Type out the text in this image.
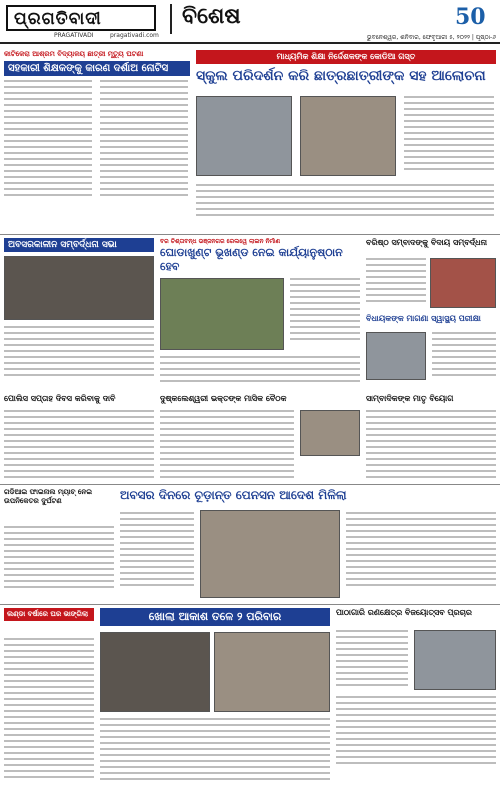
ପ୍ରଗତିବାଦୀ
PRAGATIVADI	pragativadi.com
ବିଶେଷ	50
ଭୁବନେଶ୍ୱର, ଶନିବାର, ଫେବୃଆରୀ ୫, ୨୦୨୨ | ପୃଷ୍ଠା-୬
କାଟିକେରା ଆଶ୍ରମ ବିଦ୍ୟାଳୟ ଛାତ୍ରୀ ମୃତ୍ୟୁ ଘଟଣା
ସହକାରୀ ଶିକ୍ଷକଙ୍କୁ କାରଣ ଦର୍ଶାଅ ନୋଟିସ
ମାଧ୍ୟମିକ ଶିକ୍ଷା ନିର୍ଦ୍ଦେଶକଙ୍କ କୋଡିଆ ଗସ୍ତ
ସ୍କୁଲ ପରିଦର୍ଶନ କରି ଛାତ୍ରଛାତ୍ରୀଙ୍କ ସହ ଆଲୋଚନା
ଅବସରକାଳୀନ ସମ୍ବର୍ଦ୍ଧନା ସଭା	ବର ଚିଶ୍ତାବନ୍ଧ ଭଞ୍ଜନଗର ରେଲୱେ ଲାଇନ ନିର୍ମାଣ
ଘୋଡାଖୁଣ୍ଟ ଭୂଖଣ୍ଡ ନେଇ କାର୍ଯ୍ୟାନୁଷ୍ଠାନ ହେବ
ବରିଷ୍ଠ ସମ୍ବାଦଙ୍କୁ ବିଦାୟ ସମ୍ବର୍ଦ୍ଧନା
ବିଧାୟକଙ୍କ ମାଗଣା ସ୍ୱାସ୍ଥ୍ୟ ପରୀକ୍ଷା
ପୋଲିସ ସପ୍ତାହ ଦିବସ କରିବାକୁ ଦାବି	ଦୁଷ୍କଲେଶ୍ୱରୀ ଭକ୍ତଙ୍କ ମାସିକ ବୈଠକ	ସାମ୍ବାଦିକଙ୍କ ମାତୃ ବିୟୋଗ
ଗଡିଆଇ ଫାଇନାଲ ମ୍ୟାଚ୍ ନେଇ ଉପନିକେତର ଦୁର୍ଘଟଣ	ଅବସର ଦିନରେ ଚୂଡ଼ାନ୍ତ ପେନସନ ଆଦେଶ ମିଳିଲା
ଲଣ୍ଡା ବର୍ଷାରେ ଘର ଭାଙ୍ଗିଲା	ଖୋଲା ଆକାଶ ତଳେ ୨ ପରିବାର	ପାଠାଗାରି ରଣକ୍ଷେତ୍ର ବିଜୟୋତ୍ସବ ପ୍ରଚାର
